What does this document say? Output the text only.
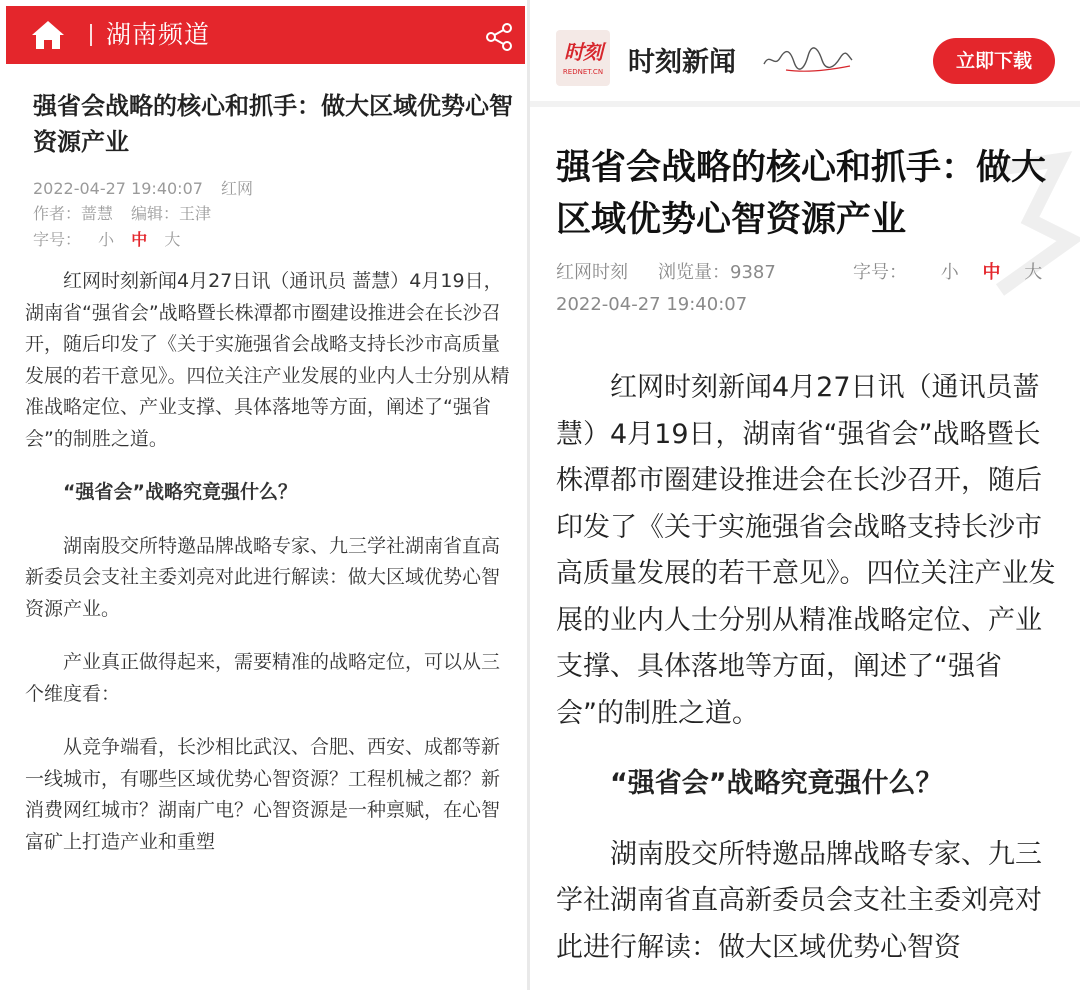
湖南频道
强省会战略的核心和抓手：做大区域优势心智资源产业
2022-04-27 19:40:07 红网
作者：蔷慧 编辑：王津
字号： 小 中 大

红网时刻新闻4月27日讯（通讯员 蔷慧）4月19日，湖南省“强省会”战略暨长株潭都市圈建设推进会在长沙召开，随后印发了《关于实施强省会战略支持长沙市高质量发展的若干意见》。四位关注产业发展的业内人士分别从精准战略定位、产业支撑、具体落地等方面，阐述了“强省会”的制胜之道。

“强省会”战略究竟强什么？

湖南股交所特邀品牌战略专家、九三学社湖南省直高新委员会支社主委刘亮对此进行解读：做大区域优势心智资源产业。

产业真正做得起来，需要精准的战略定位，可以从三个维度看：

从竞争端看，长沙相比武汉、合肥、西安、成都等新一线城市，有哪些区域优势心智资源？工程机械之都？新消费网红城市？湖南广电？心智资源是一种禀赋，在心智富矿上打造产业和重塑

时刻
REDNET.CN 时刻新闻	立即下载
强省会战略的核心和抓手：做大区域优势心智资源产业
红网时刻 浏览量：9387	字号： 小 中 大
2022-04-27 19:40:07

红网时刻新闻4月27日讯（通讯员蔷慧）4月19日，湖南省“强省会”战略暨长株潭都市圈建设推进会在长沙召开，随后印发了《关于实施强省会战略支持长沙市高质量发展的若干意见》。四位关注产业发展的业内人士分别从精准战略定位、产业支撑、具体落地等方面，阐述了“强省会”的制胜之道。

“强省会”战略究竟强什么？

湖南股交所特邀品牌战略专家、九三学社湖南省直高新委员会支社主委刘亮对此进行解读：做大区域优势心智资
